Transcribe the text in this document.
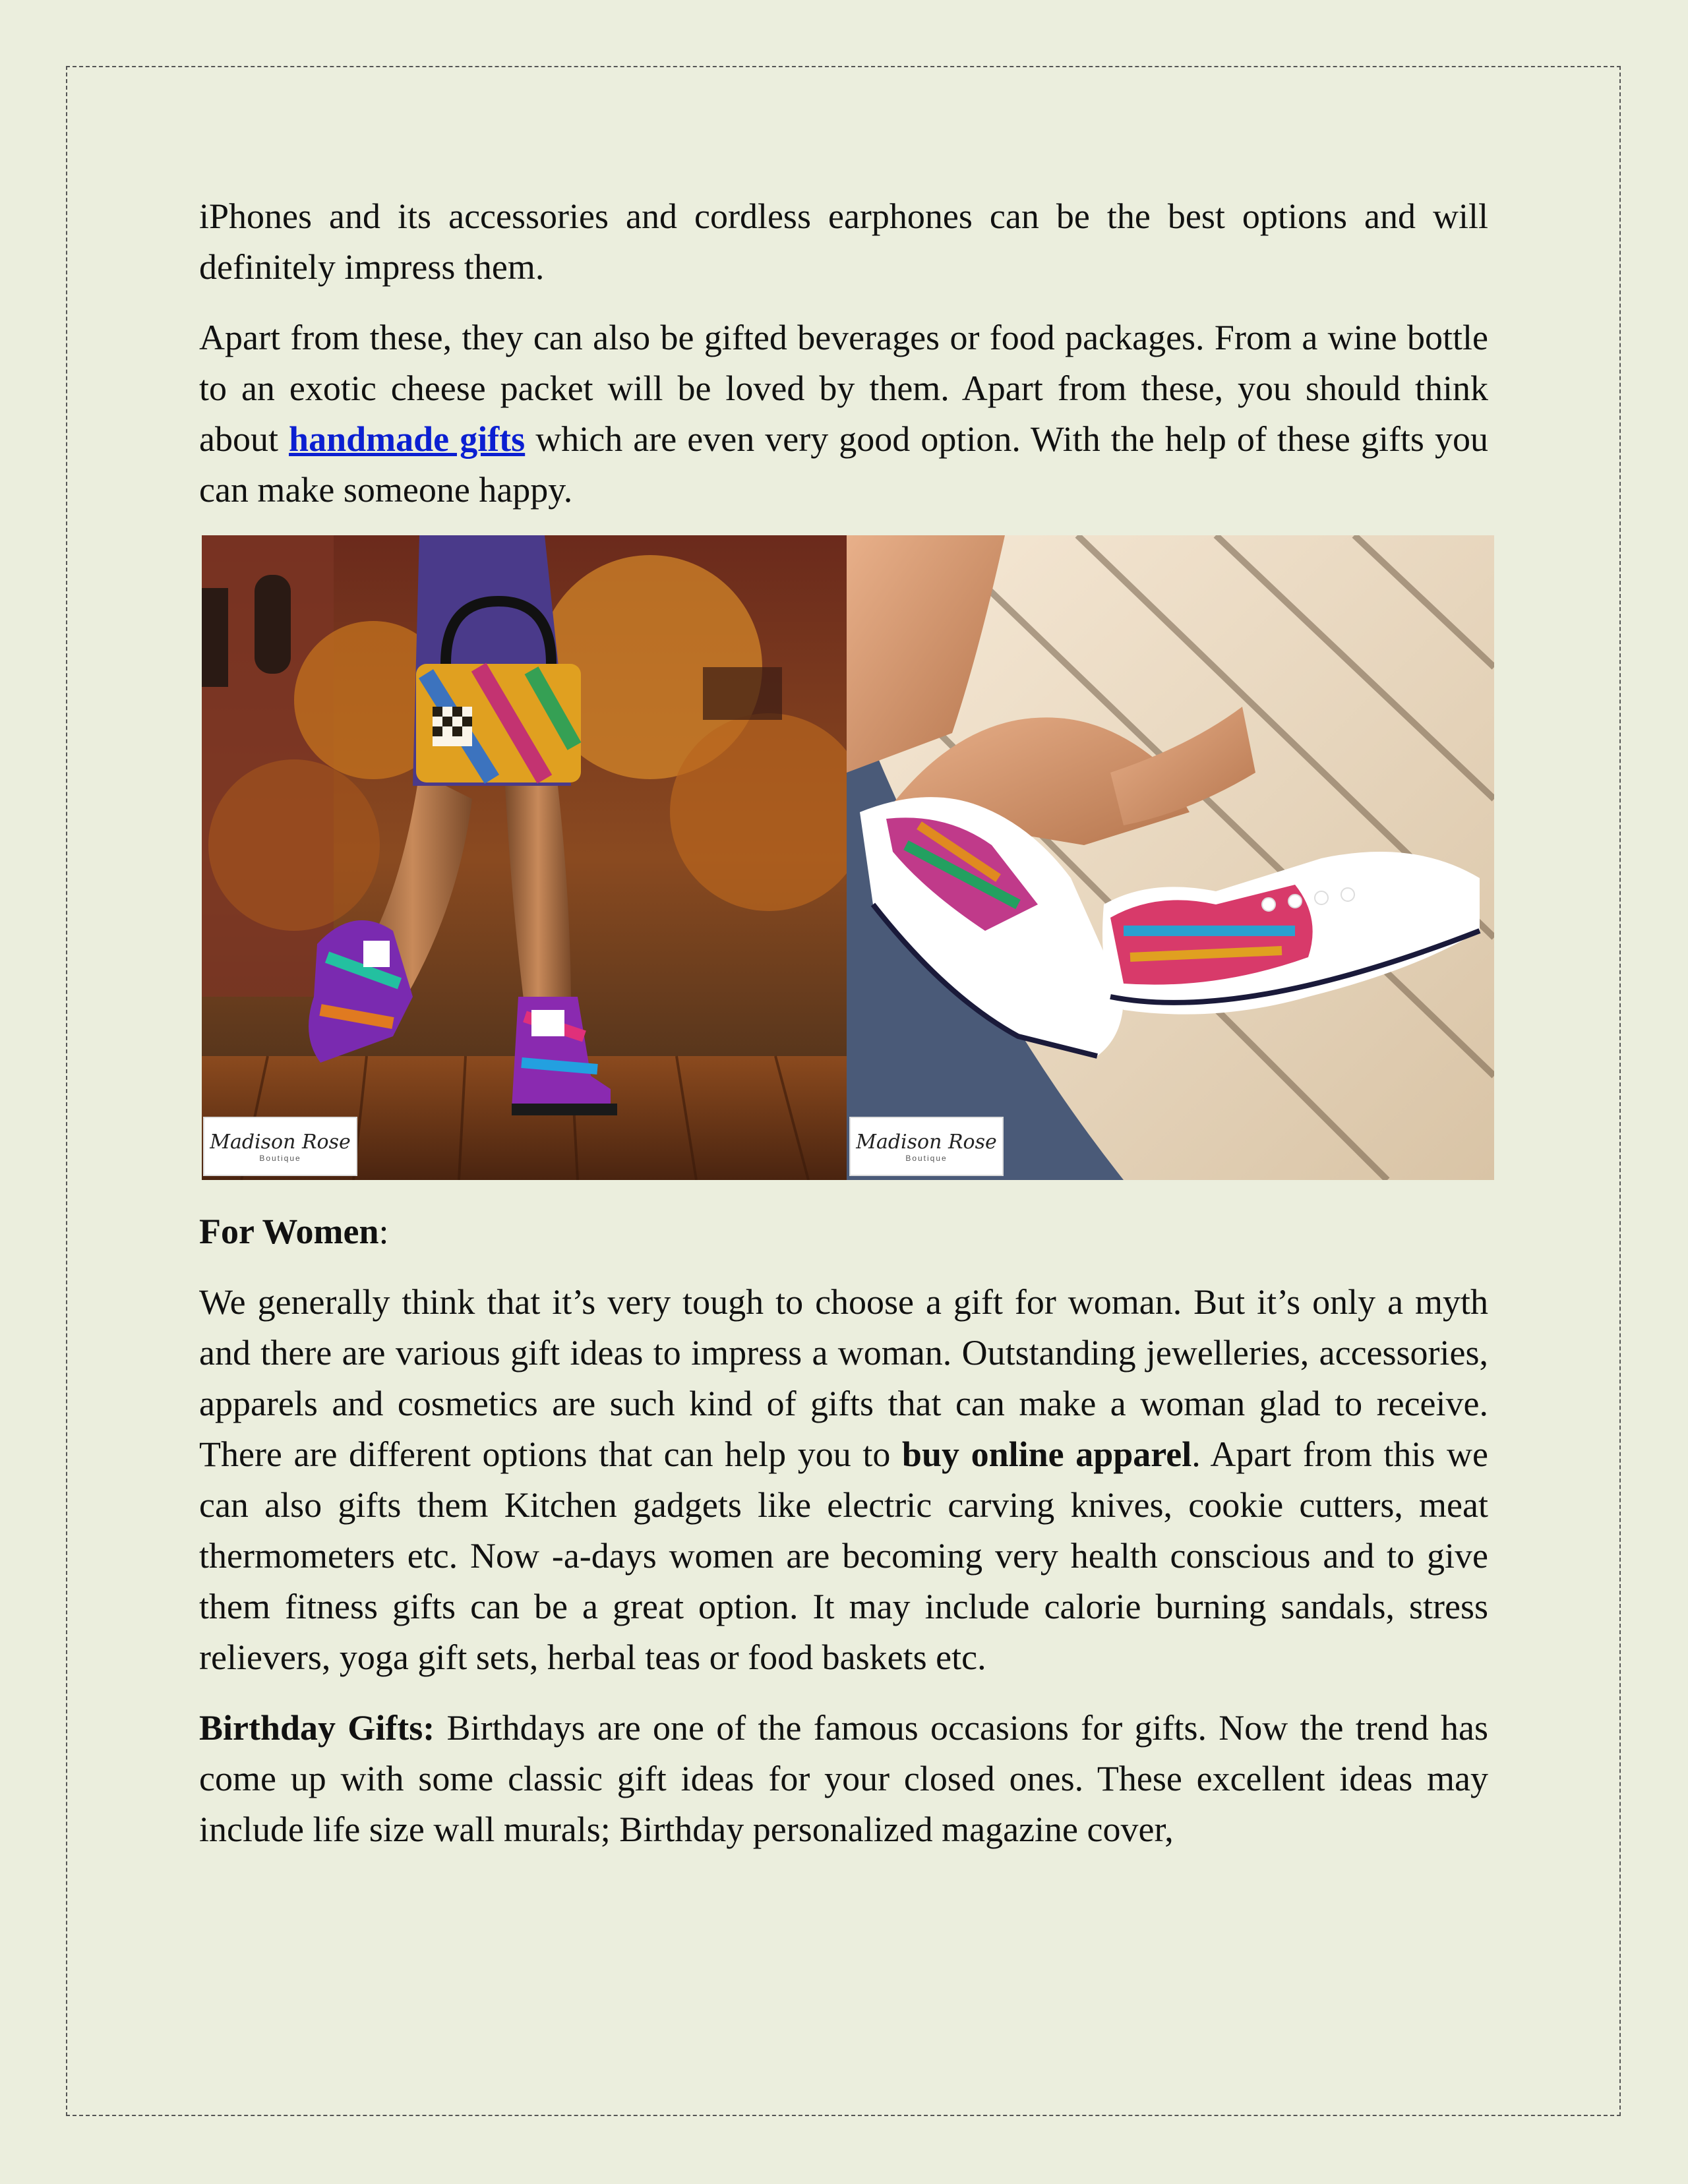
iPhones and its accessories and cordless earphones can be the best options and will definitely impress them.

Apart from these, they can also be gifted beverages or food packages. From a wine bottle to an exotic cheese packet will be loved by them. Apart from these, you should think about handmade gifts which are even very good option. With the help of these gifts you can make someone happy.

Madison Rose
Boutique
Madison Rose
Boutique

For Women:

We generally think that it’s very tough to choose a gift for woman. But it’s only a myth and there are various gift ideas to impress a woman. Outstanding jewelleries, accessories, apparels and cosmetics are such kind of gifts that can make a woman glad to receive. There are different options that can help you to buy online apparel. Apart from this we can also gifts them Kitchen gadgets like electric carving knives, cookie cutters, meat thermometers etc. Now -a-days women are becoming very health conscious and to give them fitness gifts can be a great option. It may include calorie burning sandals, stress relievers, yoga gift sets, herbal teas or food baskets etc.

Birthday Gifts: Birthdays are one of the famous occasions for gifts. Now the trend has come up with some classic gift ideas for your closed ones. These excellent ideas may include life size wall murals; Birthday personalized magazine cover,
